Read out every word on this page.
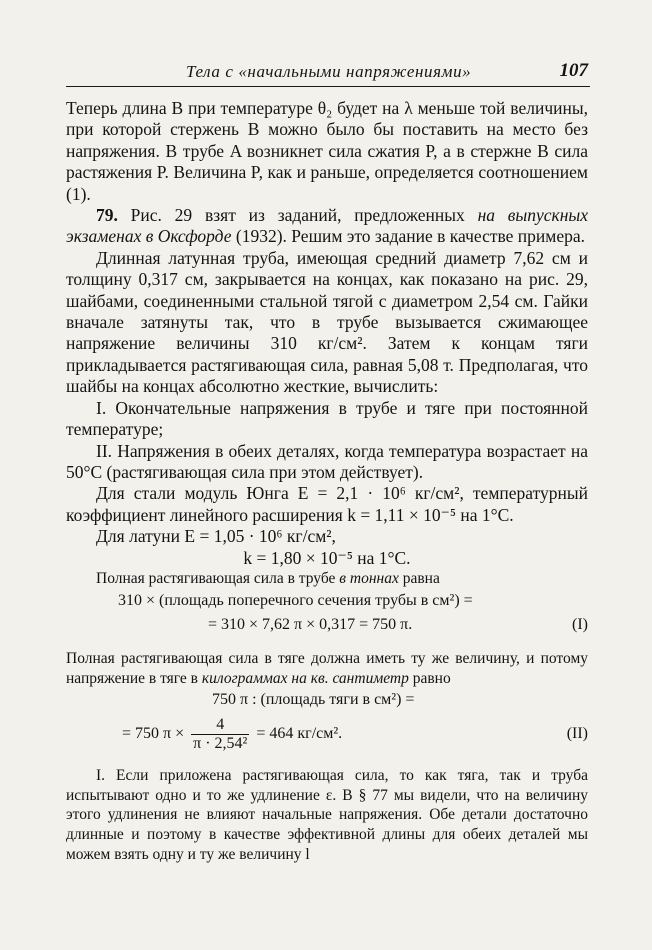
Тела с «начальными напряжениями»	107

Теперь длина B при температуре θ₂ будет на λ меньше той величины, при которой стержень B можно было бы поставить на место без напряжения. В трубе A возникнет сила сжатия P, а в стержне B сила растяжения P. Величина P, как и раньше, определяется соотношением (1).

79. Рис. 29 взят из заданий, предложенных на выпускных экзаменах в Оксфорде (1932). Решим это задание в качестве примера.

Длинная латунная труба, имеющая средний диаметр 7,62 см и толщину 0,317 см, закрывается на концах, как показано на рис. 29, шайбами, соединенными стальной тягой с диаметром 2,54 см. Гайки вначале затянуты так, что в трубе вызывается сжимающее напряжение величины 310 кг/см². Затем к концам тяги прикладывается растягивающая сила, равная 5,08 т. Предполагая, что шайбы на концах абсолютно жесткие, вычислить:

I. Окончательные напряжения в трубе и тяге при постоянной температуре;

II. Напряжения в обеих деталях, когда температура возрастает на 50°C (растягивающая сила при этом действует).

Для стали модуль Юнга E = 2,1 · 10⁶ кг/см², температурный коэффициент линейного расширения k = 1,11 × 10⁻⁵ на 1°C.

Для латуни E = 1,05 · 10⁶ кг/см²,

k = 1,80 × 10⁻⁵ на 1°C.

Полная растягивающая сила в трубе в тоннах равна

310 × (площадь поперечного сечения трубы в см²) =
= 310 × 7,62 π × 0,317 = 750 π.	(I)

Полная растягивающая сила в тяге должна иметь ту же величину, и потому напряжение в тяге в килограммах на кв. сантиметр равно

750 π : (площадь тяги в см²) =
= 750 $\pi \times \frac{4}{\text{π · 2,54²}} = 464$ кг/см².	(II)

I. Если приложена растягивающая сила, то как тяга, так и труба испытывают одно и то же удлинение ε. В § 77 мы видели, что на величину этого удлинения не влияют начальные напряжения. Обе детали достаточно длинные и поэтому в качестве эффективной длины для обеих деталей мы можем взять одну и ту же величину l
